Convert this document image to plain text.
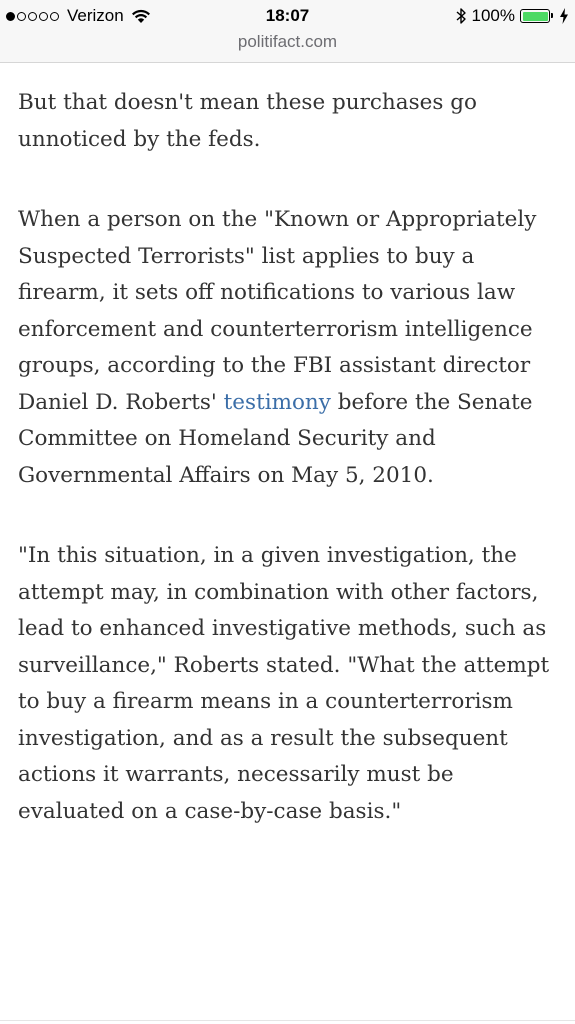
Verizon	18:07	100%
politifact.com

But that doesn't mean these purchases go unnoticed by the feds.

When a person on the "Known or Appropriately Suspected Terrorists" list applies to buy a firearm, it sets off notifications to various law enforcement and counterterrorism intelligence groups, according to the FBI assistant director Daniel D. Roberts' testimony before the Senate Committee on Homeland Security and Governmental Affairs on May 5, 2010.

"In this situation, in a given investigation, the attempt may, in combination with other factors, lead to enhanced investigative methods, such as surveillance," Roberts stated. "What the attempt to buy a firearm means in a counterterrorism investigation, and as a result the subsequent actions it warrants, necessarily must be evaluated on a case-by-case basis."
